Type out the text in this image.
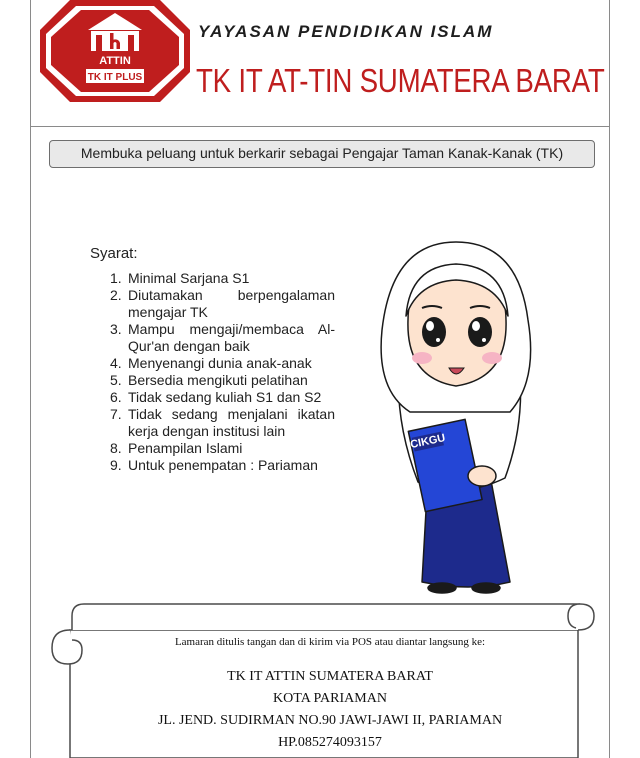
ATTIN
TK IT PLUS
YAYASAN PENDIDIKAN ISLAM
TK IT AT-TIN SUMATERA BARAT
Membuka peluang untuk berkarir sebagai Pengajar Taman Kanak-Kanak (TK)
Syarat:
1. Minimal Sarjana S1
2. Diutamakan berpengalaman mengajar TK
3. Mampu mengaji/membaca Al-Qur'an dengan baik
4. Menyenangi dunia anak-anak
5. Bersedia mengikuti pelatihan
6. Tidak sedang kuliah S1 dan S2
7. Tidak sedang menjalani ikatan kerja dengan institusi lain
8. Penampilan Islami
9. Untuk penempatan : Pariaman
CIKGU
Lamaran ditulis tangan dan di kirim via POS atau diantar langsung ke:
TK IT ATTIN SUMATERA BARAT
KOTA PARIAMAN
JL. JEND. SUDIRMAN NO.90 JAWI-JAWI II, PARIAMAN
HP.085274093157
